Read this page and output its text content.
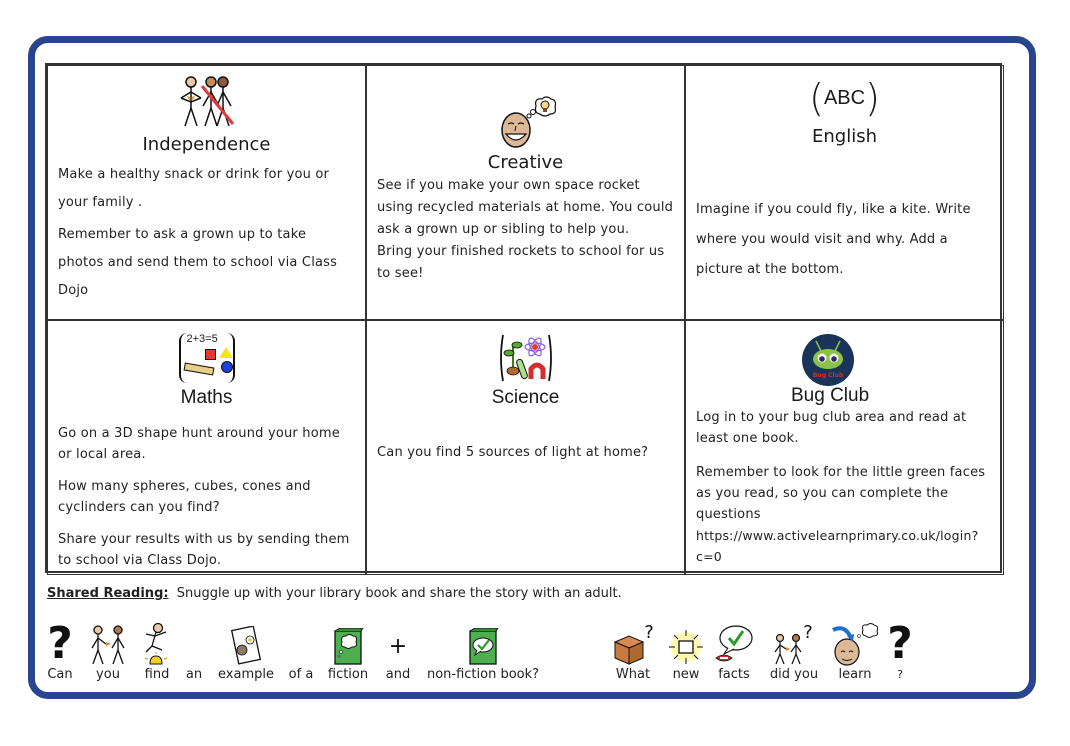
Independence

Make a healthy snack or drink for you or your family .

Remember to ask a grown up to take photos and send them to school via Class Dojo

Creative

See if you make your own space rocket using recycled materials at home. You could ask a grown up or sibling to help you.

Bring your finished rockets to school for us to see!

( ABC )
English

Imagine if you could fly, like a kite. Write where you would visit and why. Add a picture at the bottom.

2+3=5
Maths

Go on a 3D shape hunt around your home or local area.

How many spheres, cubes, cones and cyclinders can you find?

Share your results with us by sending them to school via Class Dojo.

Science

Can you find 5 sources of light at home?

Bug Club
Bug Club

Log in to your bug club area and read at least one book.

Remember to look for the little green faces as you read, so you can complete the questions

https://www.activelearnprimary.co.uk/login?c=0

Shared Reading: Snuggle up with your library book and share the story with an adult.
?
Can you find an example of a fiction
+
and non-fiction book?
?
What new facts
?
did you learn
?
?
